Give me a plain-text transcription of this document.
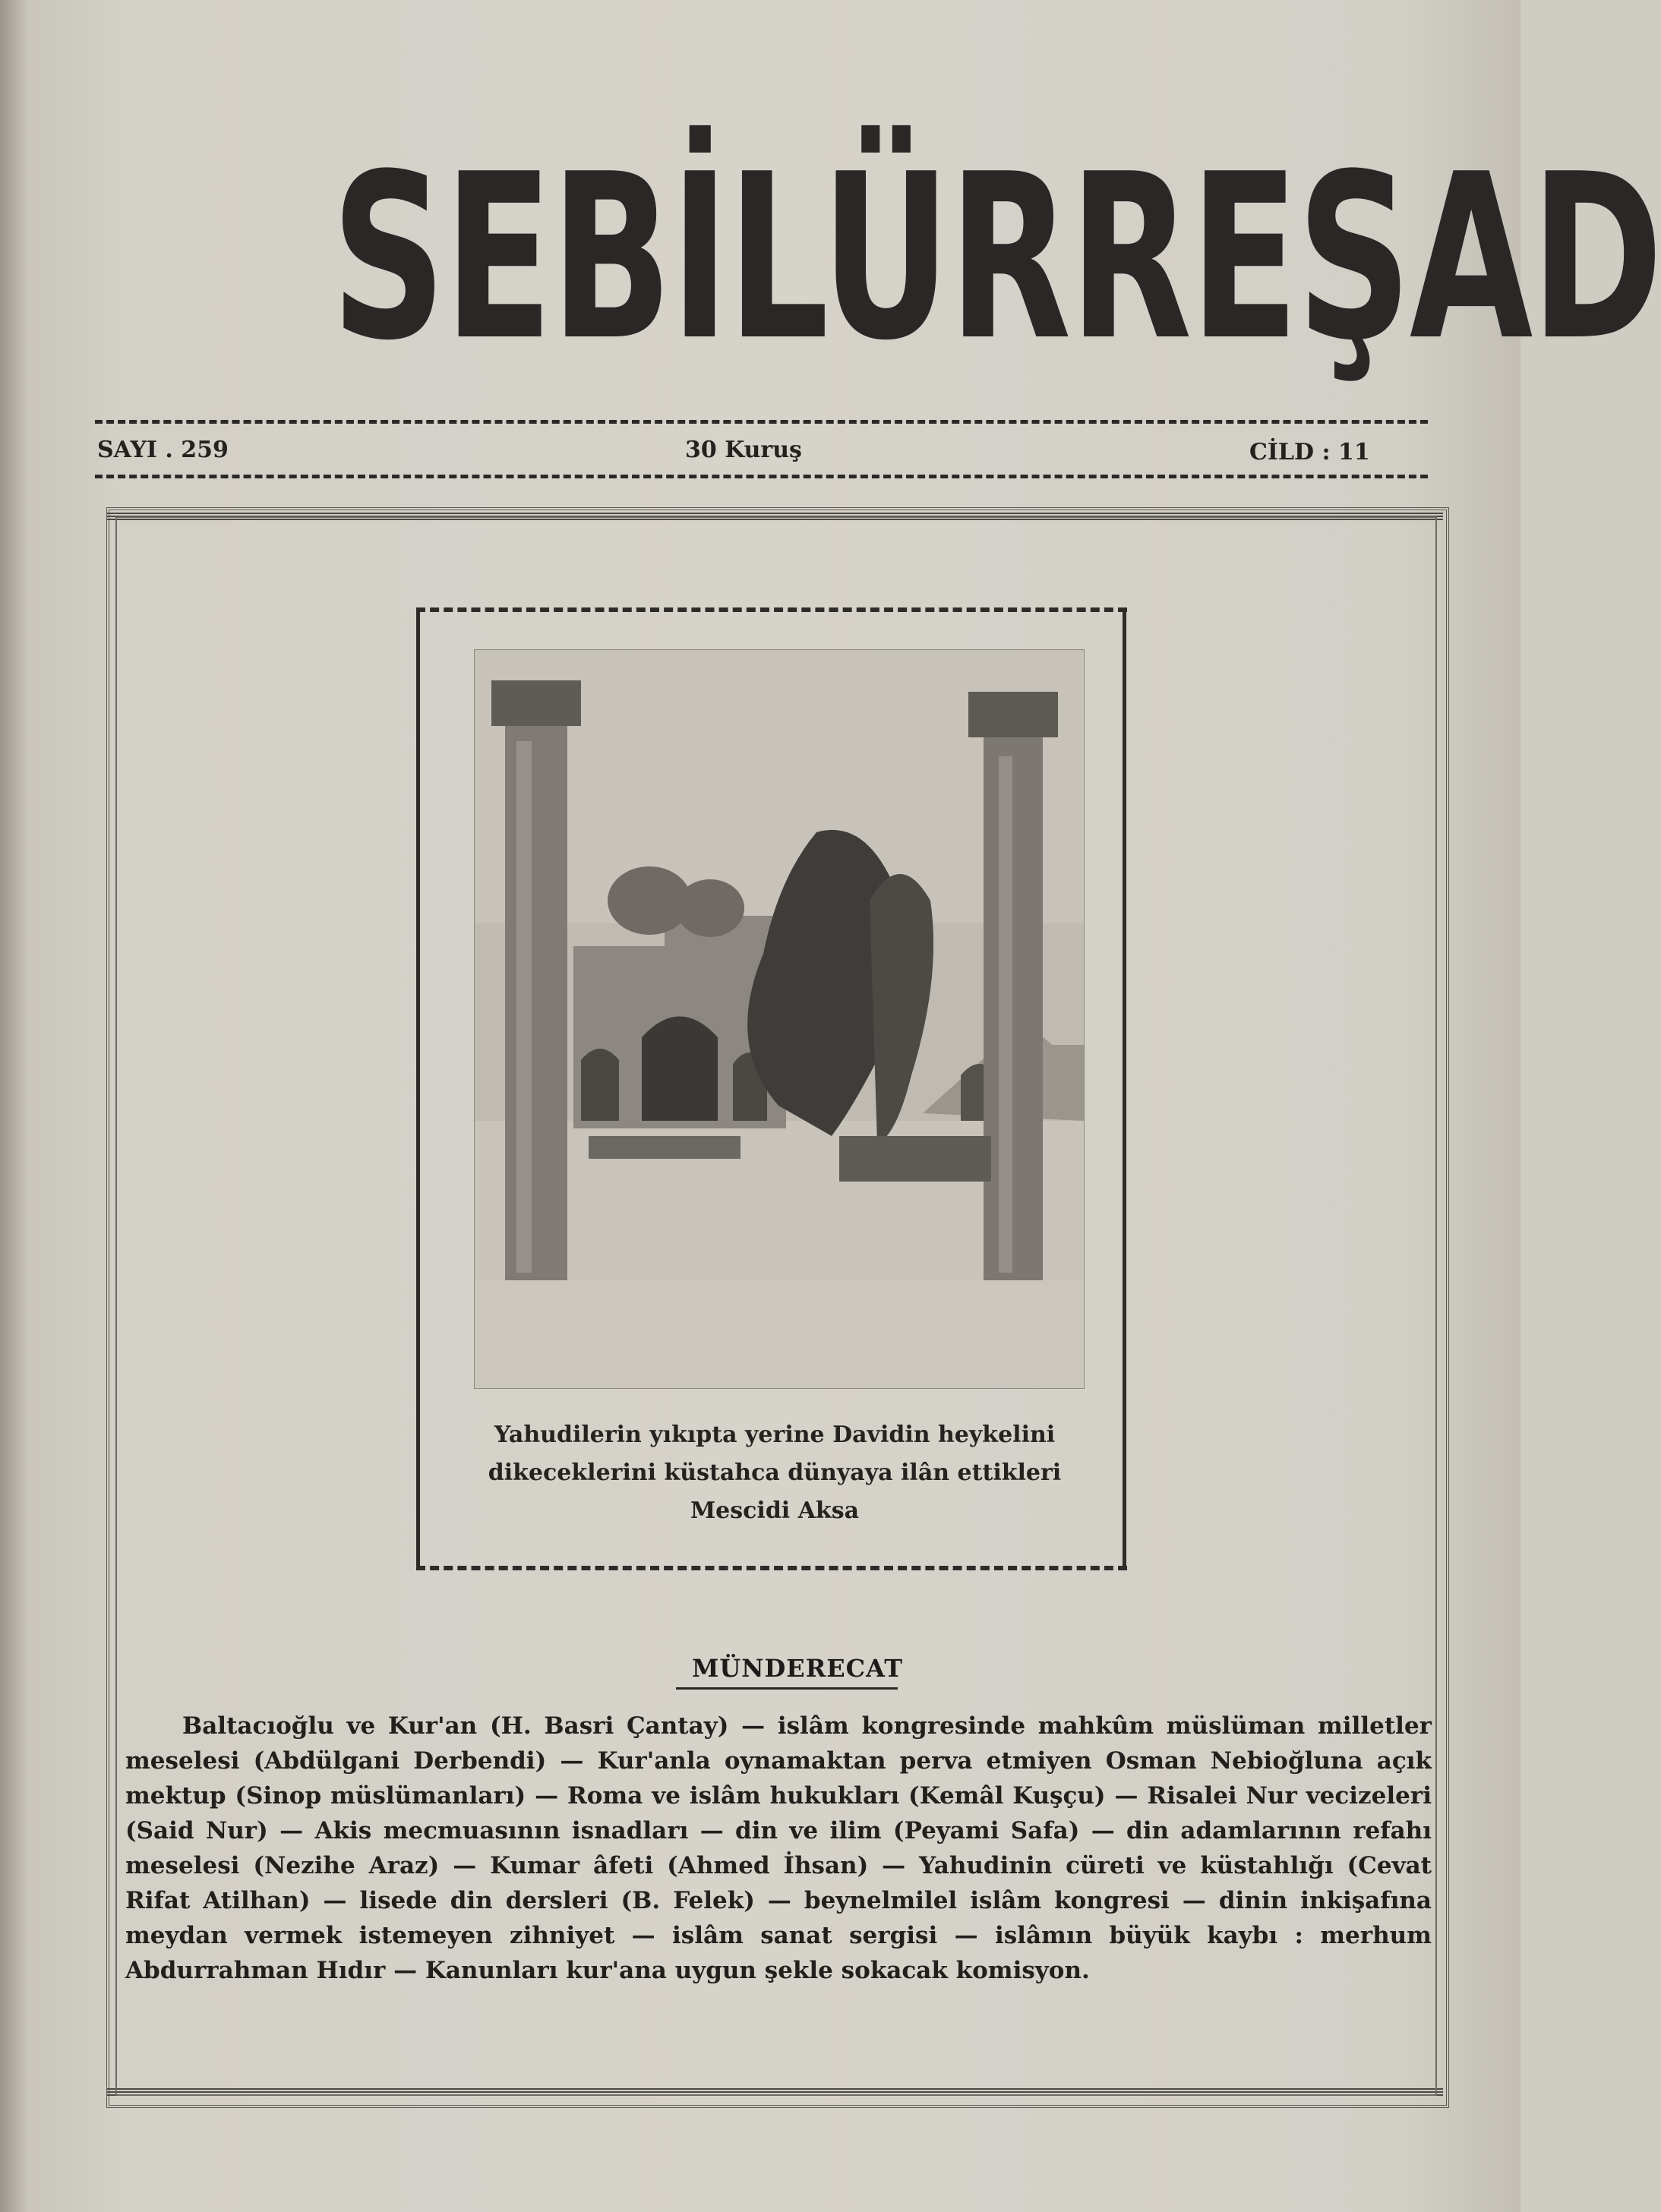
SEBİLÜRREŞAD
SAYI . 259	30 Kuruş	CİLD : 11
Yahudilerin yıkıpta yerine Davidin heykelini
dikeceklerini küstahca dünyaya ilân ettikleri
Mescidi Aksa
MÜNDERECAT
Baltacıoğlu ve Kur'an (H. Basri Çantay) — islâm kongresinde mahkûm müslüman milletler meselesi (Abdülgani Derbendi) — Kur'anla oynamaktan perva etmiyen Osman Nebioğluna açık mektup (Sinop müslümanları) — Roma ve islâm hukukları (Kemâl Kuşçu) — Risalei Nur vecizeleri (Said Nur) — Akis mecmuasının isnadları — din ve ilim (Peyami Safa) — din adamlarının refahı meselesi (Nezihe Araz) — Kumar âfeti (Ahmed İhsan) — Yahudinin cüreti ve küstahlığı (Cevat Rifat Atilhan) — lisede din dersleri (B. Felek) — beynelmilel islâm kongresi — dinin inkişafına meydan vermek istemeyen zihniyet — islâm sanat sergisi — islâmın büyük kaybı : merhum Abdurrahman Hıdır — Kanunları kur'ana uygun şekle sokacak komisyon.
